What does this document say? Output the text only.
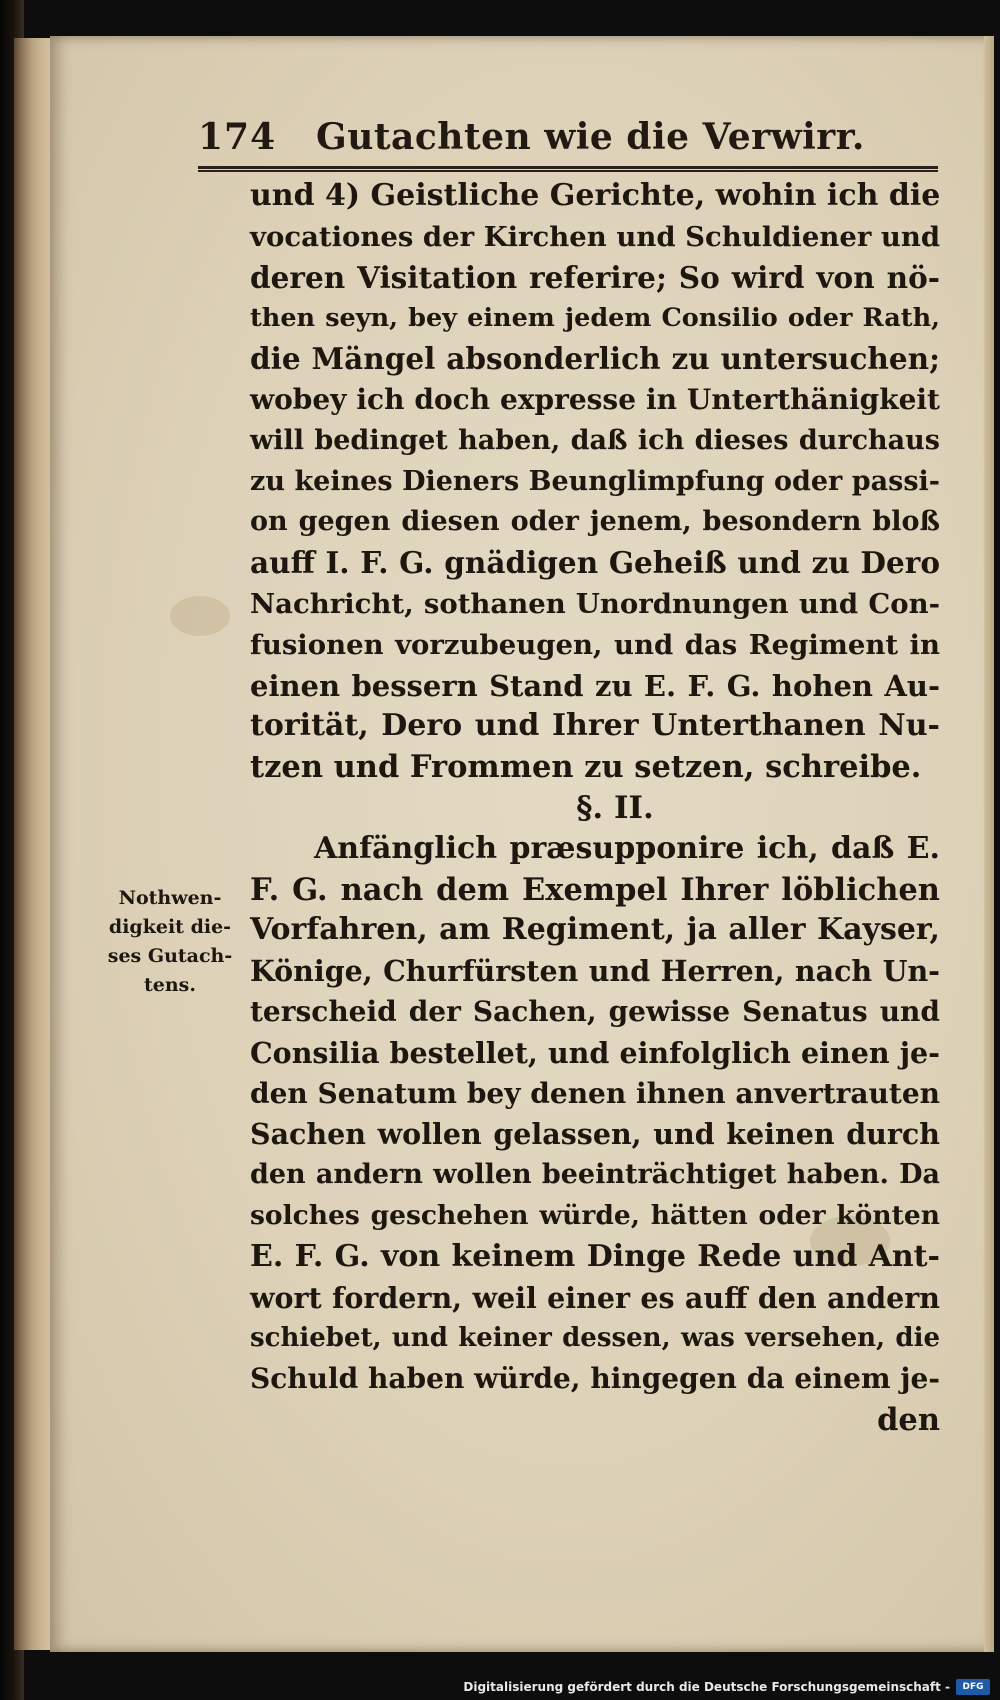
174 Gutachten wie die Verwirr.
und 4) Geistliche Gerichte, wohin ich die
vocationes der Kirchen und Schuldiener und
deren Visitation referire; So wird von nö-
then seyn, bey einem jedem Consilio oder Rath,
die Mängel absonderlich zu untersuchen;
wobey ich doch expresse in Unterthänigkeit
will bedinget haben, daß ich dieses durchaus
zu keines Dieners Beunglimpfung oder passi-
on gegen diesen oder jenem, besondern bloß
auff I. F. G. gnädigen Geheiß und zu Dero
Nachricht, sothanen Unordnungen und Con-
fusionen vorzubeugen, und das Regiment in
einen bessern Stand zu E. F. G. hohen Au-
torität, Dero und Ihrer Unterthanen Nu-
tzen und Frommen zu setzen, schreibe.
§. II.
Anfänglich præsupponire ich, daß E.
F. G. nach dem Exempel Ihrer löblichen
Vorfahren, am Regiment, ja aller Kayser,
Könige, Churfürsten und Herren, nach Un-
terscheid der Sachen, gewisse Senatus und
Consilia bestellet, und einfolglich einen je-
den Senatum bey denen ihnen anvertrauten
Sachen wollen gelassen, und keinen durch
den andern wollen beeinträchtiget haben. Da
solches geschehen würde, hätten oder könten
E. F. G. von keinem Dinge Rede und Ant-
wort fordern, weil einer es auff den andern
schiebet, und keiner dessen, was versehen, die
Schuld haben würde, hingegen da einem je-
den
Nothwen-
digkeit die-
ses Gutach-
tens.
Digitalisierung gefördert durch die Deutsche Forschungsgemeinschaft -	DFG
